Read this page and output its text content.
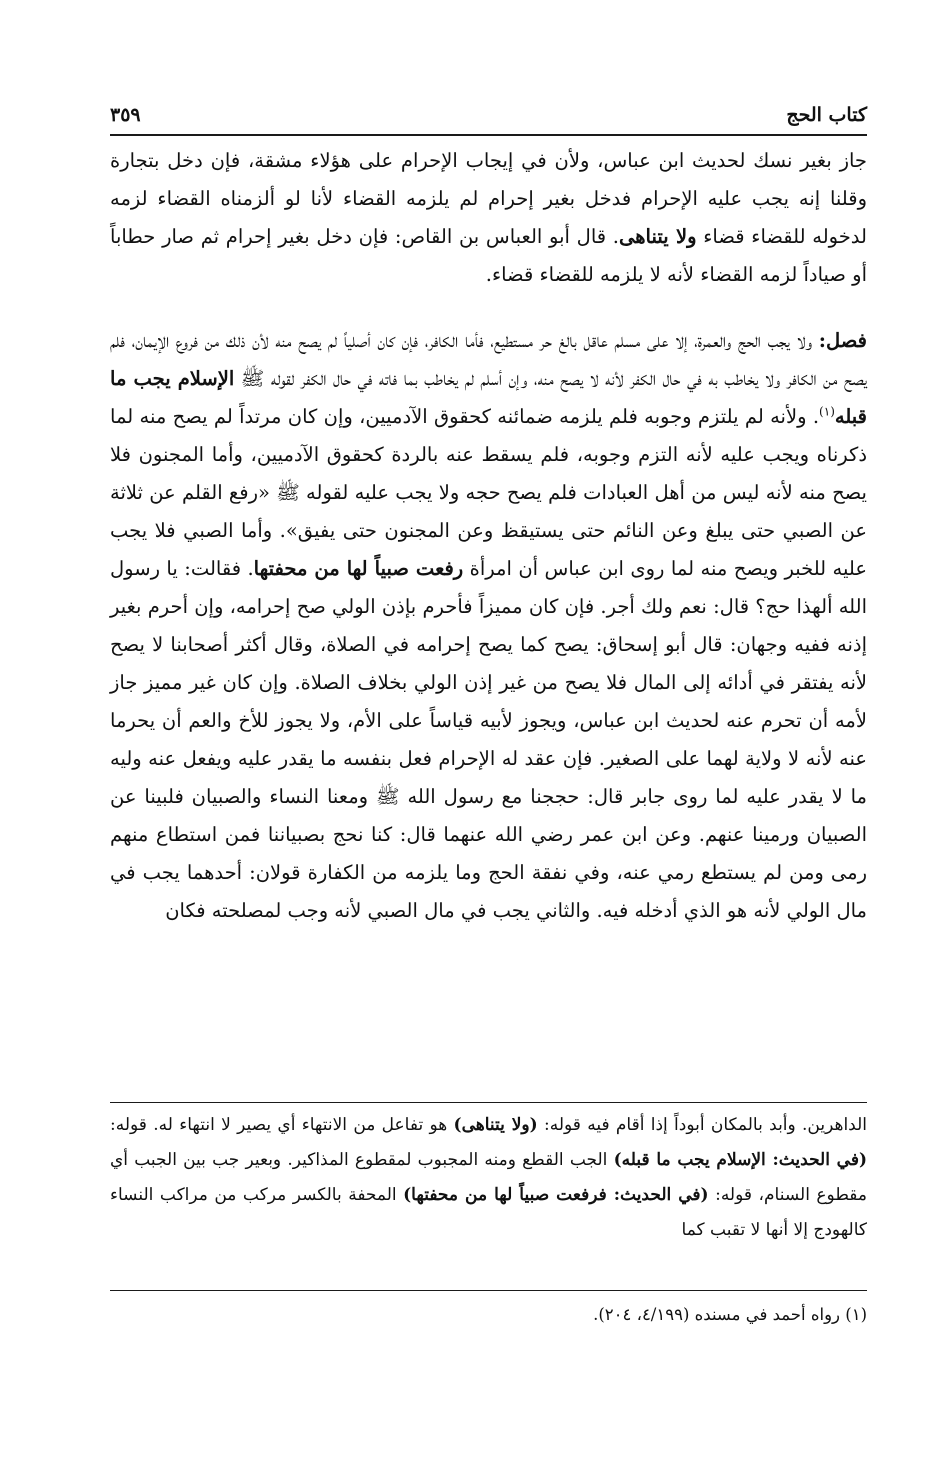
كتاب الحج
٣٥٩

جاز بغير نسك لحديث ابن عباس، ولأن في إيجاب الإحرام على هؤلاء مشقة، فإن دخل بتجارة وقلنا إنه يجب عليه الإحرام فدخل بغير إحرام لم يلزمه القضاء لأنا لو ألزمناه القضاء لزمه لدخوله للقضاء قضاء ولا يتناهى. قال أبو العباس بن القاص: فإن دخل بغير إحرام ثم صار حطاباً أو صياداً لزمه القضاء لأنه لا يلزمه للقضاء قضاء.

فصل: ولا يجب الحج والعمرة، إلا على مسلم عاقل بالغ حر مستطيع، فأما الكافر، فإن كان أصلياً لم يصح منه لأن ذلك من فروع الإيمان، فلم يصح من الكافر ولا يخاطب به في حال الكفر لأنه لا يصح منه، وإن أسلم لم يخاطب بما فاته في حال الكفر لقوله ﷺ الإسلام يجب ما قبله$^{(١)}$. ولأنه لم يلتزم وجوبه فلم يلزمه ضمائنه كحقوق الآدميين، وإن كان مرتداً لم يصح منه لما ذكرناه ويجب عليه لأنه التزم وجوبه، فلم يسقط عنه بالردة كحقوق الآدميين، وأما المجنون فلا يصح منه لأنه ليس من أهل العبادات فلم يصح حجه ولا يجب عليه لقوله ﷺ «رفع القلم عن ثلاثة عن الصبي حتى يبلغ وعن النائم حتى يستيقظ وعن المجنون حتى يفيق». وأما الصبي فلا يجب عليه للخبر ويصح منه لما روى ابن عباس أن امرأة رفعت صبياً لها من محفتها. فقالت: يا رسول الله ألهذا حج؟ قال: نعم ولك أجر. فإن كان مميزاً فأحرم بإذن الولي صح إحرامه، وإن أحرم بغير إذنه ففيه وجهان: قال أبو إسحاق: يصح كما يصح إحرامه في الصلاة، وقال أكثر أصحابنا لا يصح لأنه يفتقر في أدائه إلى المال فلا يصح من غير إذن الولي بخلاف الصلاة. وإن كان غير مميز جاز لأمه أن تحرم عنه لحديث ابن عباس، ويجوز لأبيه قياساً على الأم، ولا يجوز للأخ والعم أن يحرما عنه لأنه لا ولاية لهما على الصغير. فإن عقد له الإحرام فعل بنفسه ما يقدر عليه ويفعل عنه وليه ما لا يقدر عليه لما روى جابر قال: حججنا مع رسول الله ﷺ ومعنا النساء والصبيان فلبينا عن الصبيان ورمينا عنهم. وعن ابن عمر رضي الله عنهما قال: كنا نحج بصبياننا فمن استطاع منهم رمى ومن لم يستطع رمي عنه، وفي نفقة الحج وما يلزمه من الكفارة قولان: أحدهما يجب في مال الولي لأنه هو الذي أدخله فيه. والثاني يجب في مال الصبي لأنه وجب لمصلحته فكان

الداهرين. وأبد بالمكان أبوداً إذا أقام فيه قوله: (ولا يتناهى) هو تفاعل من الانتهاء أي يصير لا انتهاء له. قوله: (في الحديث: الإسلام يجب ما قبله) الجب القطع ومنه المجبوب لمقطوع المذاكير. وبعير جب بين الجبب أي مقطوع السنام، قوله: (في الحديث: فرفعت صبياً لها من محفتها) المحفة بالكسر مركب من مراكب النساء كالهودج إلا أنها لا تقبب كما
(١) رواه أحمد في مسنده (٤/١٩٩، ٢٠٤).
